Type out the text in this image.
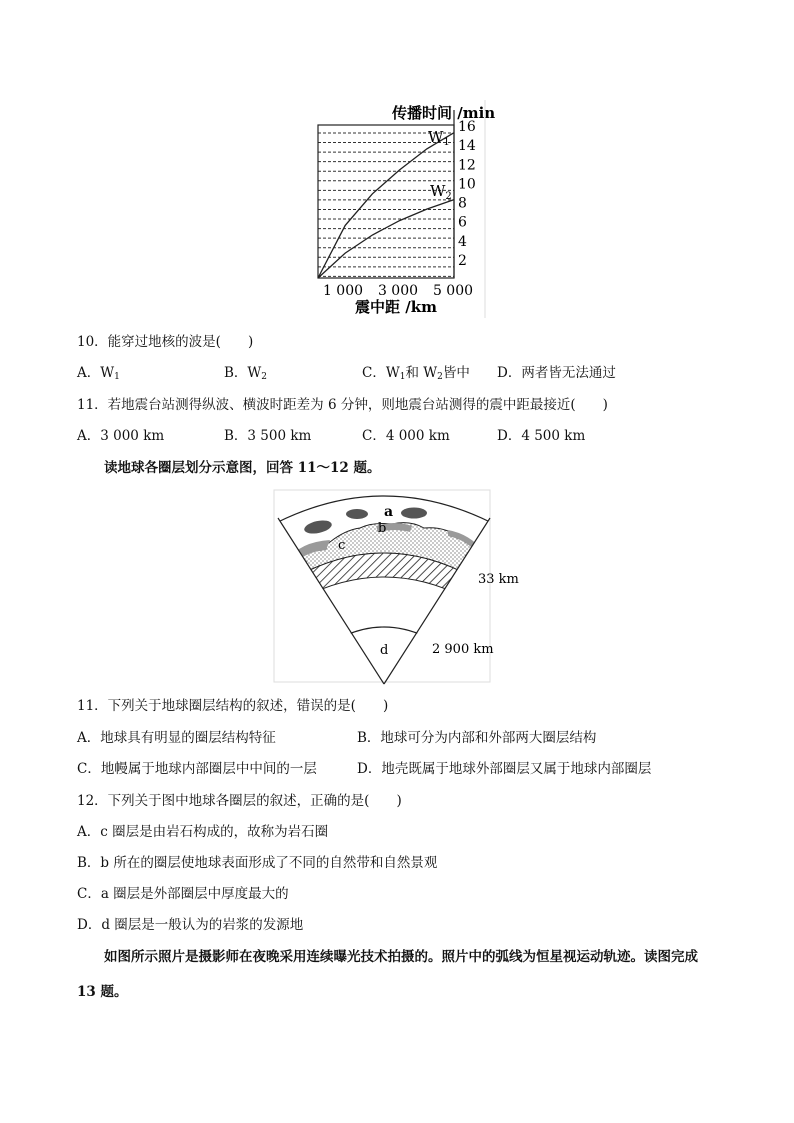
传播时间 /min
16
14
12
10
8
6
4
2
1 000 3 000 5 000
震中距 /km
$W_1$
$W_2$
10．能穿过地核的波是(　　)
A．$W_1$	B．$W_2$	C．$W_1$和 $W_2$皆中 D．两者皆无法通过
11．若地震台站测得纵波、横波时距差为 6 分钟，则地震台站测得的震中距最接近(　　)
A．3 000 km	B．3 500 km	C．4 000 km	D．4 500 km
读地球各圈层划分示意图，回答 11～12 题。
a
b
c
d
33 km
2 900 km
11．下列关于地球圈层结构的叙述，错误的是(　　)
A．地球具有明显的圈层结构特征	B．地球可分为内部和外部两大圈层结构
C．地幔属于地球内部圈层中中间的一层	D．地壳既属于地球外部圈层又属于地球内部圈层
12．下列关于图中地球各圈层的叙述，正确的是(　　)
A．c 圈层是由岩石构成的，故称为岩石圈
B．b 所在的圈层使地球表面形成了不同的自然带和自然景观
C．a 圈层是外部圈层中厚度最大的
D．d 圈层是一般认为的岩浆的发源地
如图所示照片是摄影师在夜晚采用连续曝光技术拍摄的。照片中的弧线为恒星视运动轨迹。读图完成
13 题。
